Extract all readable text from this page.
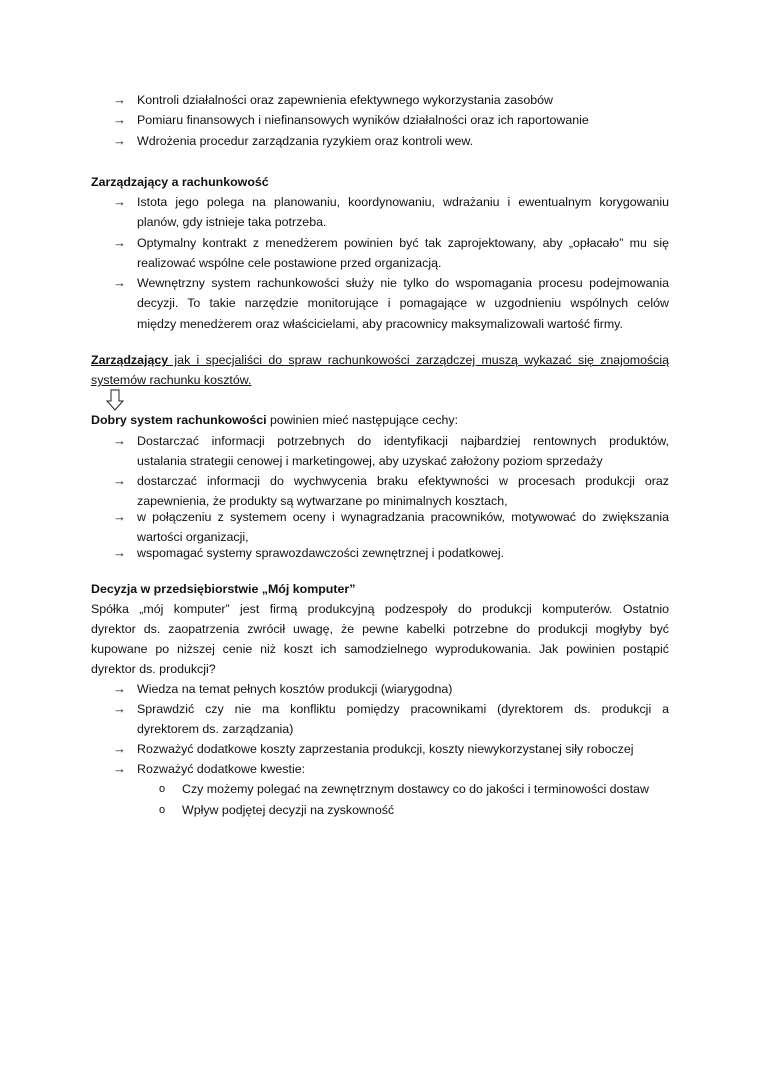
→ Kontroli działalności oraz zapewnienia efektywnego wykorzystania zasobów
→ Pomiaru finansowych i niefinansowych wyników działalności oraz ich raportowanie
→ Wdrożenia procedur zarządzania ryzykiem oraz kontroli wew.
Zarządzający a rachunkowość
→ Istota jego polega na planowaniu, koordynowaniu, wdrażaniu i ewentualnym korygowaniu
planów, gdy istnieje taka potrzeba.
→ Optymalny kontrakt z menedżerem powinien być tak zaprojektowany, aby „opłacało” mu się
realizować wspólne cele postawione przed organizacją.
→ Wewnętrzny system rachunkowości służy nie tylko do wspomagania procesu podejmowania
decyzji. To takie narzędzie monitorujące i pomagające w uzgodnieniu wspólnych celów
między menedżerem oraz właścicielami, aby pracownicy maksymalizowali wartość firmy.
Zarządzający jak i specjaliści do spraw rachunkowości zarządczej muszą wykazać się znajomością
systemów rachunku kosztów.
Dobry system rachunkowości powinien mieć następujące cechy:
→ Dostarczać informacji potrzebnych do identyfikacji najbardziej rentownych produktów,
ustalania strategii cenowej i marketingowej, aby uzyskać założony poziom sprzedaży
→ dostarczać informacji do wychwycenia braku efektywności w procesach produkcji oraz
zapewnienia, że produkty są wytwarzane po minimalnych kosztach,
→ w połączeniu z systemem oceny i wynagradzania pracowników, motywować do zwiększania
wartości organizacji,
→ wspomagać systemy sprawozdawczości zewnętrznej i podatkowej.
Decyzja w przedsiębiorstwie „Mój komputer”
Spółka „mój komputer” jest firmą produkcyjną podzespoły do produkcji komputerów. Ostatnio
dyrektor ds. zaopatrzenia zwrócił uwagę, że pewne kabelki potrzebne do produkcji mogłyby być
kupowane po niższej cenie niż koszt ich samodzielnego wyprodukowania. Jak powinien postąpić
dyrektor ds. produkcji?
→ Wiedza na temat pełnych kosztów produkcji (wiarygodna)
→ Sprawdzić czy nie ma konfliktu pomiędzy pracownikami (dyrektorem ds. produkcji a
dyrektorem ds. zarządzania)
→ Rozważyć dodatkowe koszty zaprzestania produkcji, koszty niewykorzystanej siły roboczej
→ Rozważyć dodatkowe kwestie:
o Czy możemy polegać na zewnętrznym dostawcy co do jakości i terminowości dostaw
o Wpływ podjętej decyzji na zyskowność
